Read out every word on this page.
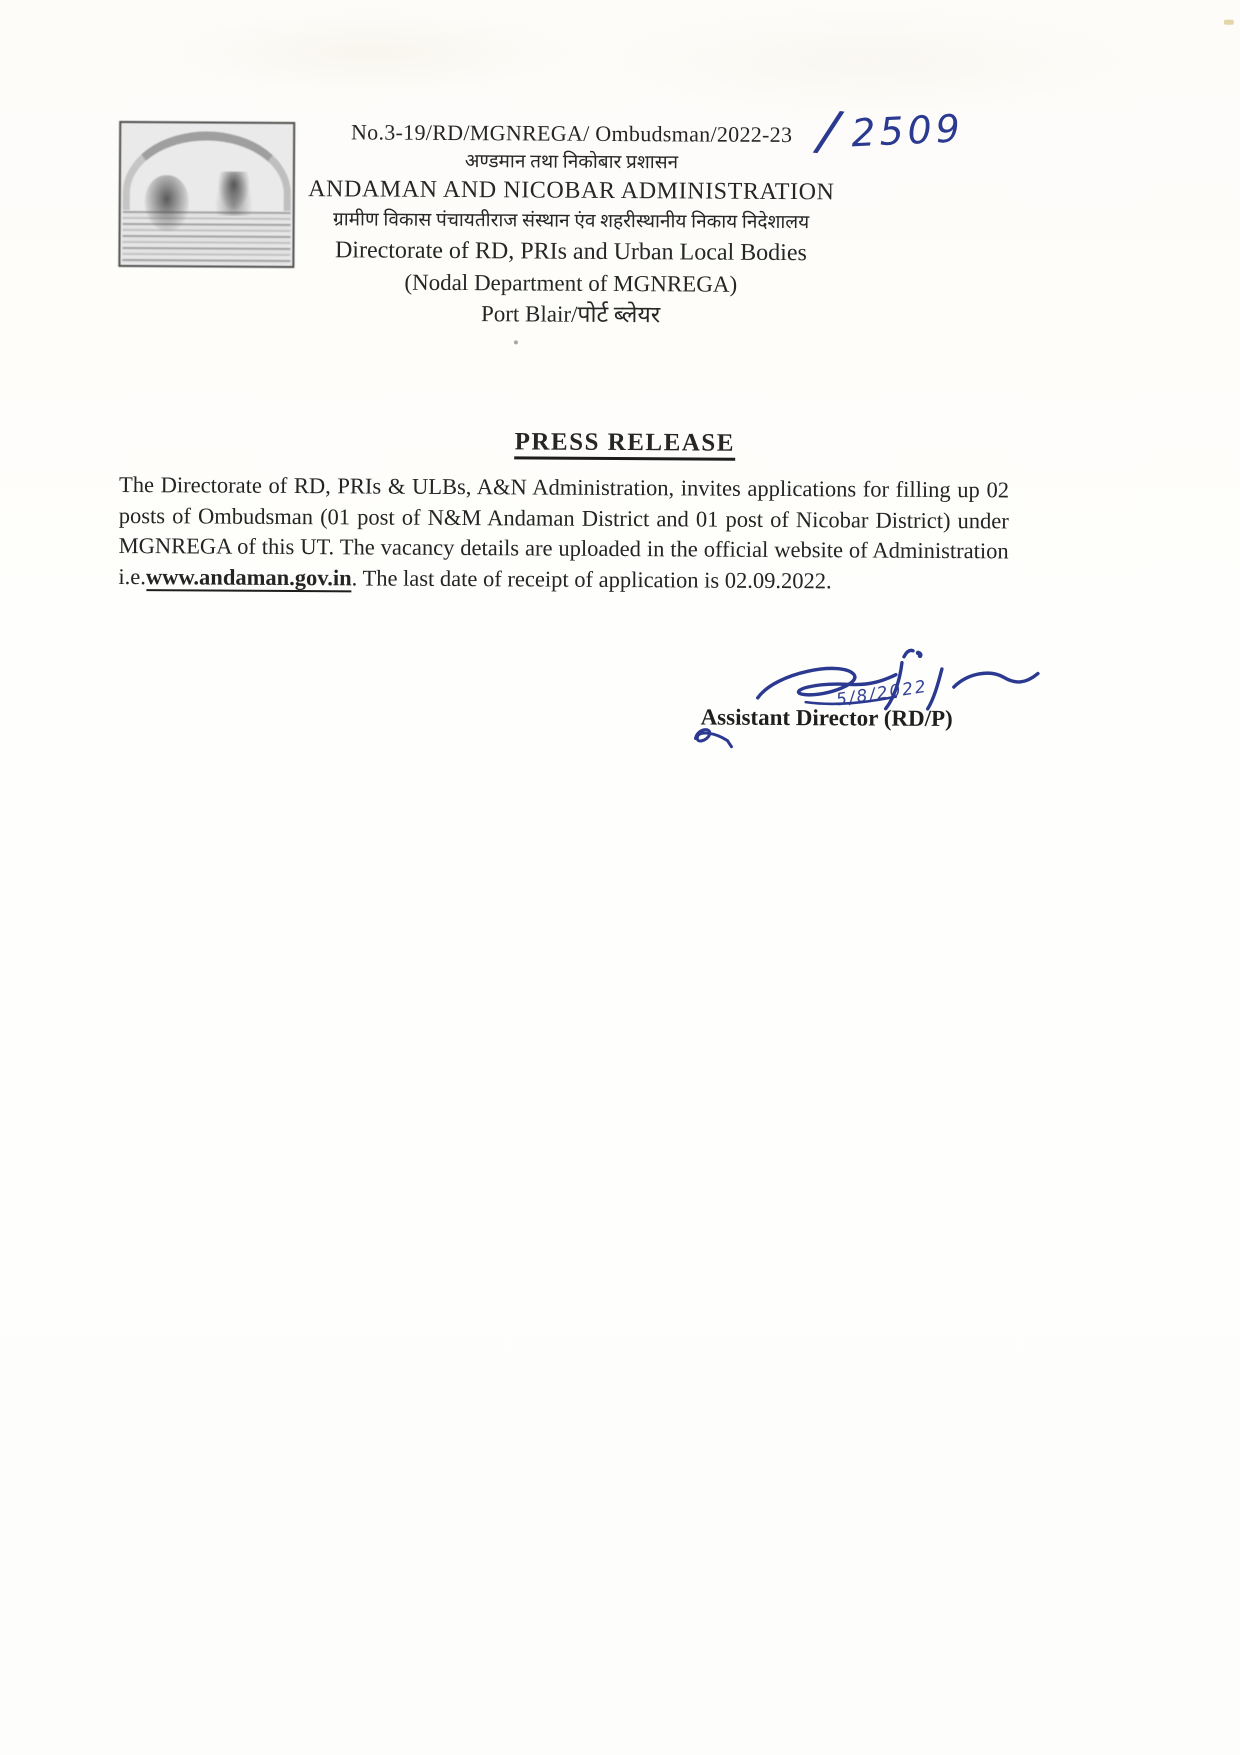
No.3-19/RD/MGNREGA/ Ombudsman/2022-23
अण्डमान तथा निकोबार प्रशासन
ANDAMAN AND NICOBAR ADMINISTRATION
ग्रामीण विकास पंचायतीराज संस्थान एंव शहरीस्थानीय निकाय निदेशालय
Directorate of RD, PRIs and Urban Local Bodies
(Nodal Department of MGNREGA)
Port Blair/पोर्ट ब्लेयर
/ 2509
PRESS RELEASE
The Directorate of RD, PRIs & ULBs, A&N Administration, invites applications for filling up 02 posts of Ombudsman (01 post of N&M Andaman District and 01 post of Nicobar District) under MGNREGA of this UT. The vacancy details are uploaded in the official website of Administration i.e.www.andaman.gov.in. The last date of receipt of application is 02.09.2022.
5/8/2022
Assistant Director (RD/P)
